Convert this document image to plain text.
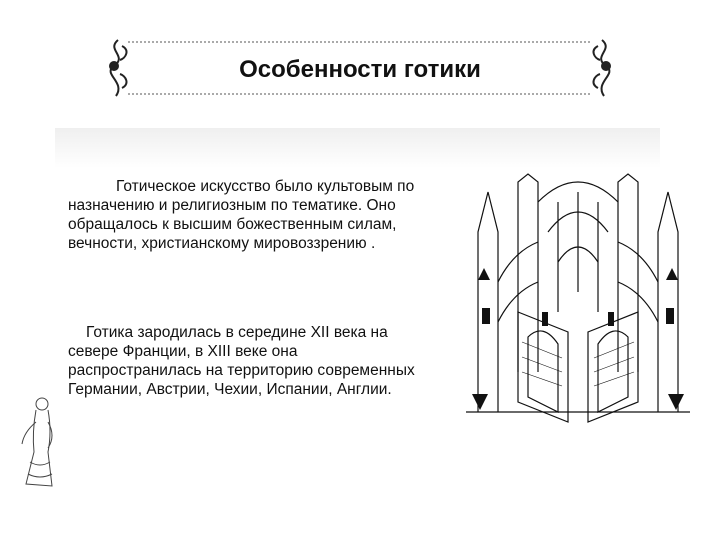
Особенности готики
Готическое искусство было культовым по назначению и религиозным по тематике. Оно обращалось к высшим божественным силам, вечности, христианскому мировоззрению .
Готика зародилась в середине XII века на севере Франции, в XIII веке она распространилась на территорию современных Германии, Австрии, Чехии, Испании, Англии.
